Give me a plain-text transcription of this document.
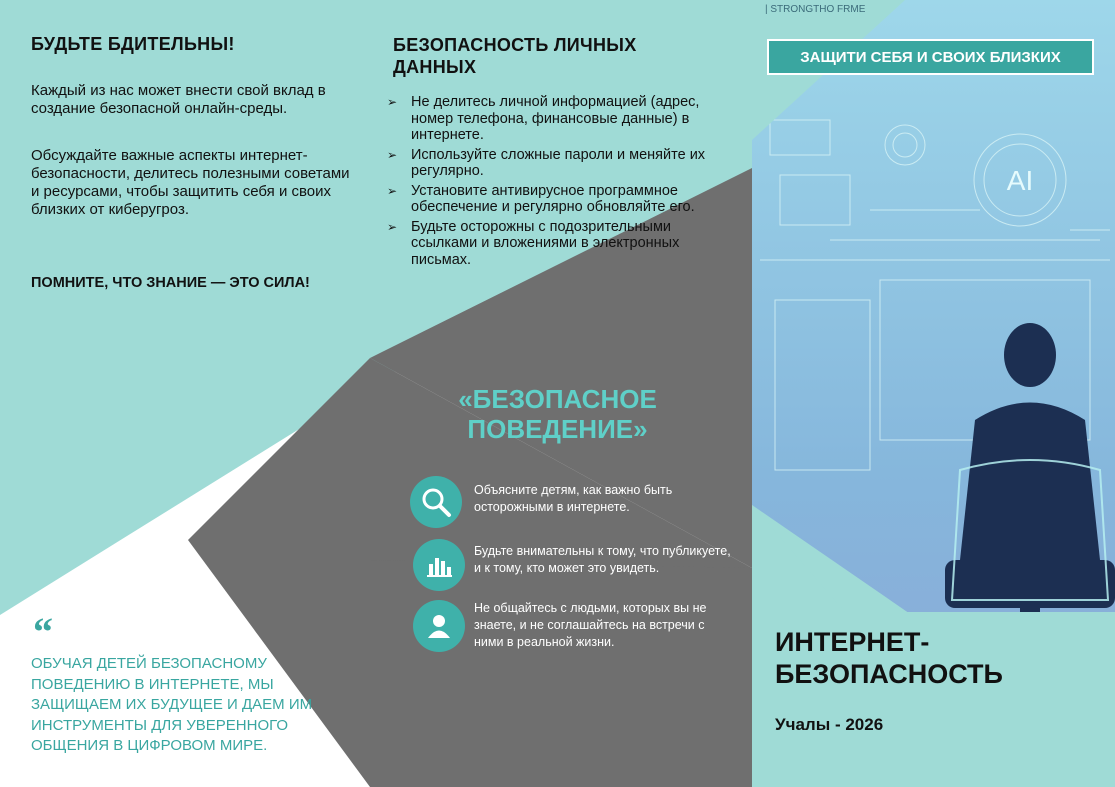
AI
| STRONGTHO FRME
БУДЬТЕ БДИТЕЛЬНЫ!

Каждый из нас может внести свой вклад в создание безопасной онлайн-среды.

Обсуждайте важные аспекты интернет-безопасности, делитесь полезными советами и ресурсами, чтобы защитить себя и своих близких от киберугроз.

ПОМНИТЕ, ЧТО ЗНАНИЕ — ЭТО СИЛА!

“

ОБУЧАЯ ДЕТЕЙ БЕЗОПАСНОМУ ПОВЕДЕНИЮ В ИНТЕРНЕТЕ, МЫ ЗАЩИЩАЕМ ИХ БУДУЩЕЕ И ДАЕМ ИМ ИНСТРУМЕНТЫ ДЛЯ УВЕРЕННОГО ОБЩЕНИЯ В ЦИФРОВОМ МИРЕ.

БЕЗОПАСНОСТЬ ЛИЧНЫХ ДАННЫХ
➢ Не делитесь личной информацией (адрес, номер телефона, финансовые данные) в интернете.
➢ Используйте сложные пароли и меняйте их регулярно.
➢ Установите антивирусное программное обеспечение и регулярно обновляйте его.
➢ Будьте осторожны с подозрительными ссылками и вложениями в электронных письмах.
«БЕЗОПАСНОЕ ПОВЕДЕНИЕ»

Объясните детям, как важно быть осторожными в интернете.

Будьте внимательны к тому, что публикуете, и к тому, кто может это увидеть.

Не общайтесь с людьми, которых вы не знаете, и не соглашайтесь на встречи с ними в реальной жизни.

ЗАЩИТИ СЕБЯ И СВОИХ БЛИЗКИХ
ИНТЕРНЕТ-БЕЗОПАСНОСТЬ

Учалы - 2026
